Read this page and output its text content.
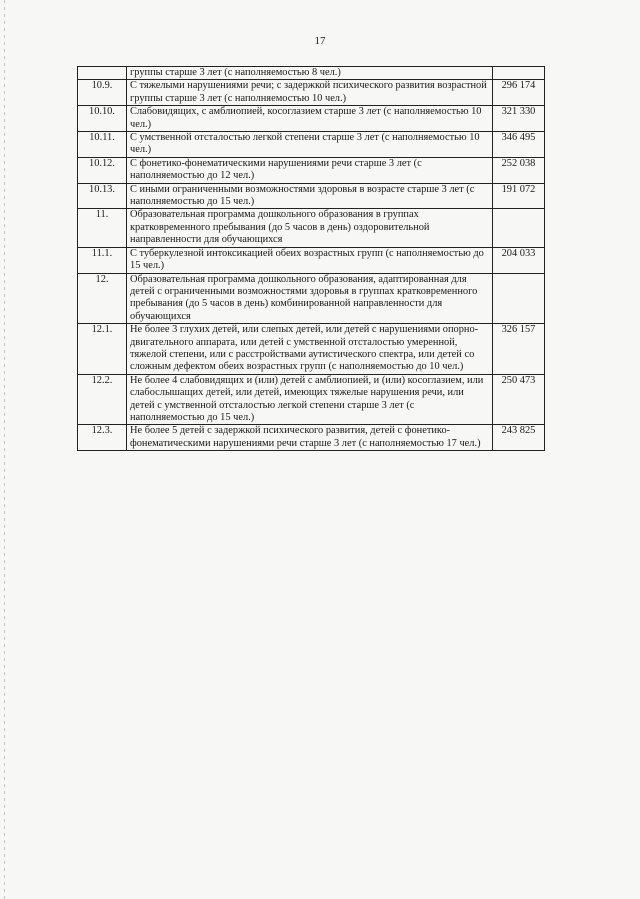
17
	группы старше 3 лет (с наполняемостью 8 чел.)	
10.9.	С тяжелыми нарушениями речи; с задержкой психического развития возрастной группы старше 3 лет (с наполняемостью 10 чел.)	296 174
10.10.	Слабовидящих, с амблиопией, косоглазием старше 3 лет (с наполняемостью 10 чел.)	321 330
10.11.	С умственной отсталостью легкой степени старше 3 лет (с наполняемостью 10 чел.)	346 495
10.12.	С фонетико-фонематическими нарушениями речи старше 3 лет (с наполняемостью до 12 чел.)	252 038
10.13.	С иными ограниченными возможностями здоровья в возрасте старше 3 лет (с наполняемостью до 15 чел.)	191 072
11.	Образовательная программа дошкольного образования в группах кратковременного пребывания (до 5 часов в день) оздоровительной направленности для обучающихся	
11.1.	С туберкулезной интоксикацией обеих возрастных групп (с наполняемостью до 15 чел.)	204 033
12.	Образовательная программа дошкольного образования, адаптированная для детей с ограниченными возможностями здоровья в группах кратковременного пребывания (до 5 часов в день) комбинированной направленности для обучающихся	
12.1.	Не более 3 глухих детей, или слепых детей, или детей с нарушениями опорно-двигательного аппарата, или детей с умственной отсталостью умеренной, тяжелой степени, или с расстройствами аутистического спектра, или детей со сложным дефектом обеих возрастных групп (с наполняемостью до 10 чел.)	326 157
12.2.	Не более 4 слабовидящих и (или) детей с амблиопией, и (или) косоглазием, или слабослышащих детей, или детей, имеющих тяжелые нарушения речи, или детей с умственной отсталостью легкой степени старше 3 лет (с наполняемостью до 15 чел.)	250 473
12.3.	Не более 5 детей с задержкой психического развития, детей с фонетико-фонематическими нарушениями речи старше 3 лет (с наполняемостью 17 чел.)	243 825
